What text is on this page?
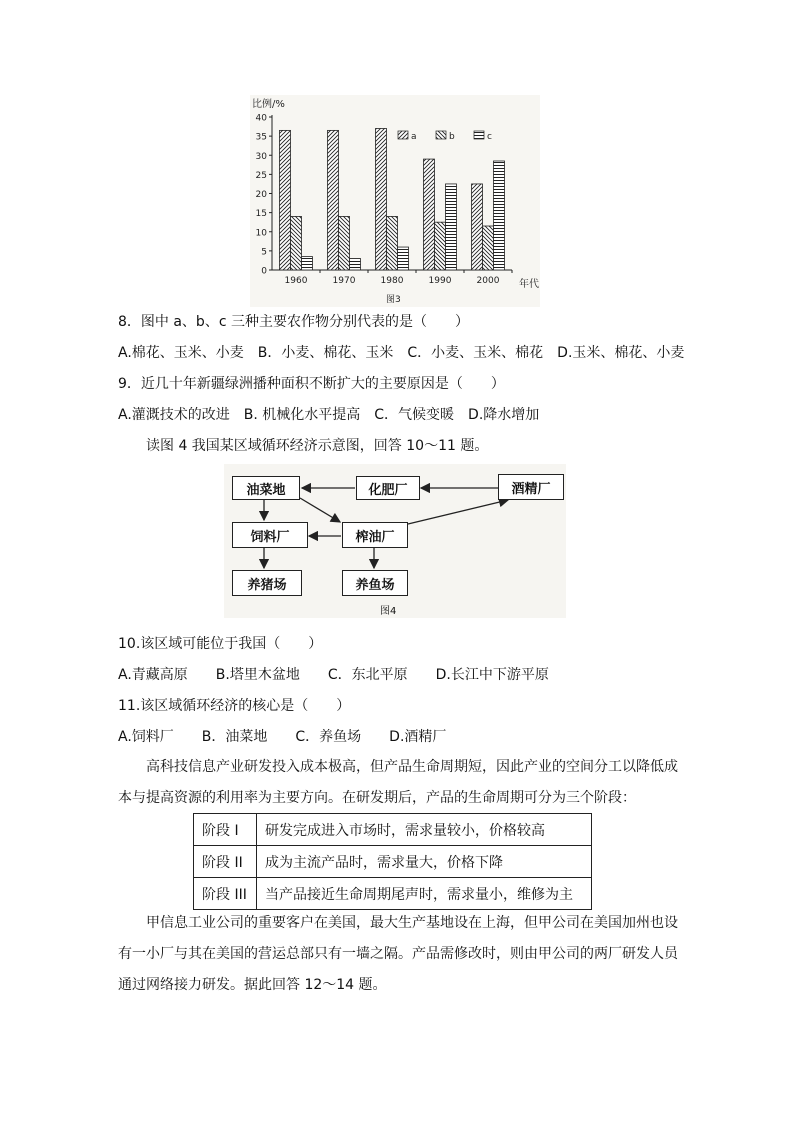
比例/%
0
5
10
15
20
25
30
35
40
1960	1970	1980	1990	2000
a	b	c
年代
图3
8．图中 a、b、c 三种主要农作物分别代表的是（　　）
A.棉花、玉米、小麦　B．小麦、棉花、玉米　C．小麦、玉米、棉花　D.玉米、棉花、小麦
9．近几十年新疆绿洲播种面积不断扩大的主要原因是（　　）
A.灌溉技术的改进　B. 机械化水平提高　C．气候变暖　D.降水增加
读图 4 我国某区域循环经济示意图，回答 10～11 题。
油菜地	化肥厂	酒精厂
饲料厂	榨油厂
养猪场	养鱼场
图4
10.该区域可能位于我国（　　）
A.青藏高原　　B.塔里木盆地　　C．东北平原　　D.长江中下游平原
11.该区域循环经济的核心是（　　）
A.饲料厂　　B．油菜地　　C．养鱼场　　D.酒精厂
高科技信息产业研发投入成本极高，但产品生命周期短，因此产业的空间分工以降低成本与提高资源的利用率为主要方向。在研发期后，产品的生命周期可分为三个阶段：
阶段 I	研发完成进入市场时，需求量较小，价格较高
阶段 II	成为主流产品时，需求量大，价格下降
阶段 III	当产品接近生命周期尾声时，需求量小，维修为主
甲信息工业公司的重要客户在美国，最大生产基地设在上海，但甲公司在美国加州也设有一小厂与其在美国的营运总部只有一墙之隔。产品需修改时，则由甲公司的两厂研发人员通过网络接力研发。据此回答 12～14 题。
